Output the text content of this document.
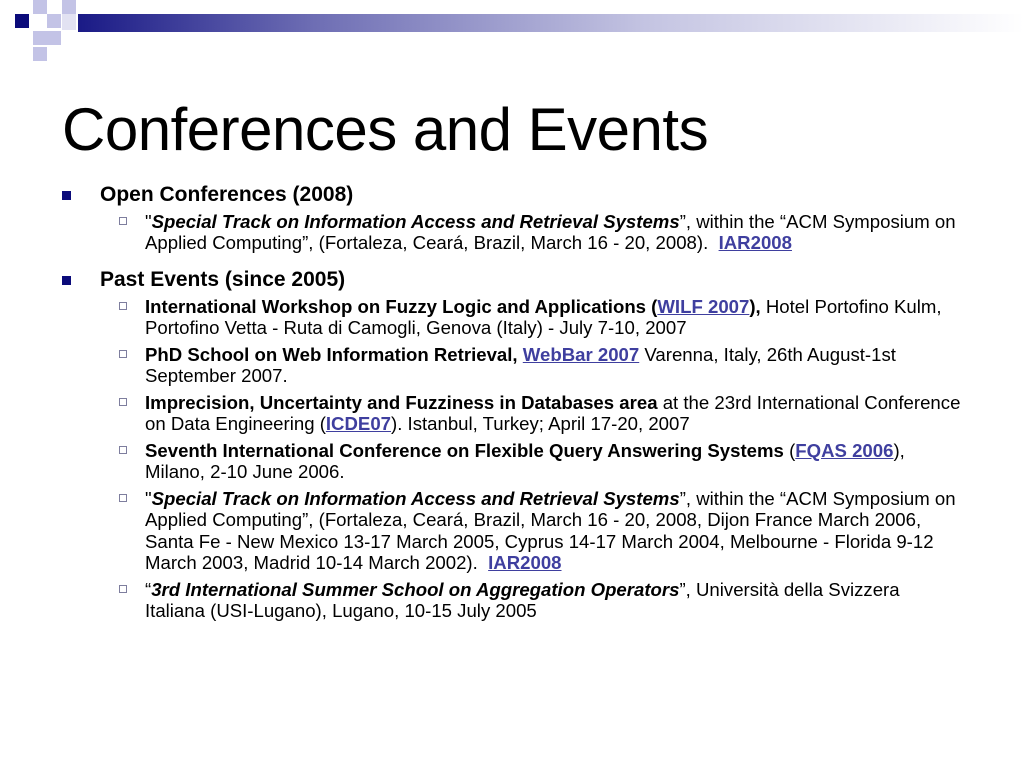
Conferences and Events
Open Conferences (2008)
"Special Track on Information Access and Retrieval Systems”, within the “ACM Symposium on Applied Computing”, (Fortaleza, Ceará, Brazil, March 16 - 20, 2008).  IAR2008
Past Events (since 2005)
International Workshop on Fuzzy Logic and Applications (WILF 2007), Hotel Portofino Kulm, Portofino Vetta - Ruta di Camogli, Genova (Italy) - July 7-10, 2007
PhD School on Web Information Retrieval, WebBar 2007 Varenna, Italy, 26th August-1st September 2007.
Imprecision, Uncertainty and Fuzziness in Databases area at the 23rd International Conference on Data Engineering (ICDE07). Istanbul, Turkey; April 17-20, 2007
Seventh International Conference on Flexible Query Answering Systems (FQAS 2006), Milano, 2-10 June 2006.
"Special Track on Information Access and Retrieval Systems”, within the “ACM Symposium on Applied Computing”, (Fortaleza, Ceará, Brazil, March 16 - 20, 2008, Dijon France March 2006, Santa Fe - New Mexico 13-17 March 2005, Cyprus 14-17 March 2004, Melbourne - Florida 9-12 March 2003, Madrid 10-14 March 2002).  IAR2008
“3rd International Summer School on Aggregation Operators”, Università della Svizzera Italiana (USI-Lugano), Lugano, 10-15 July 2005
